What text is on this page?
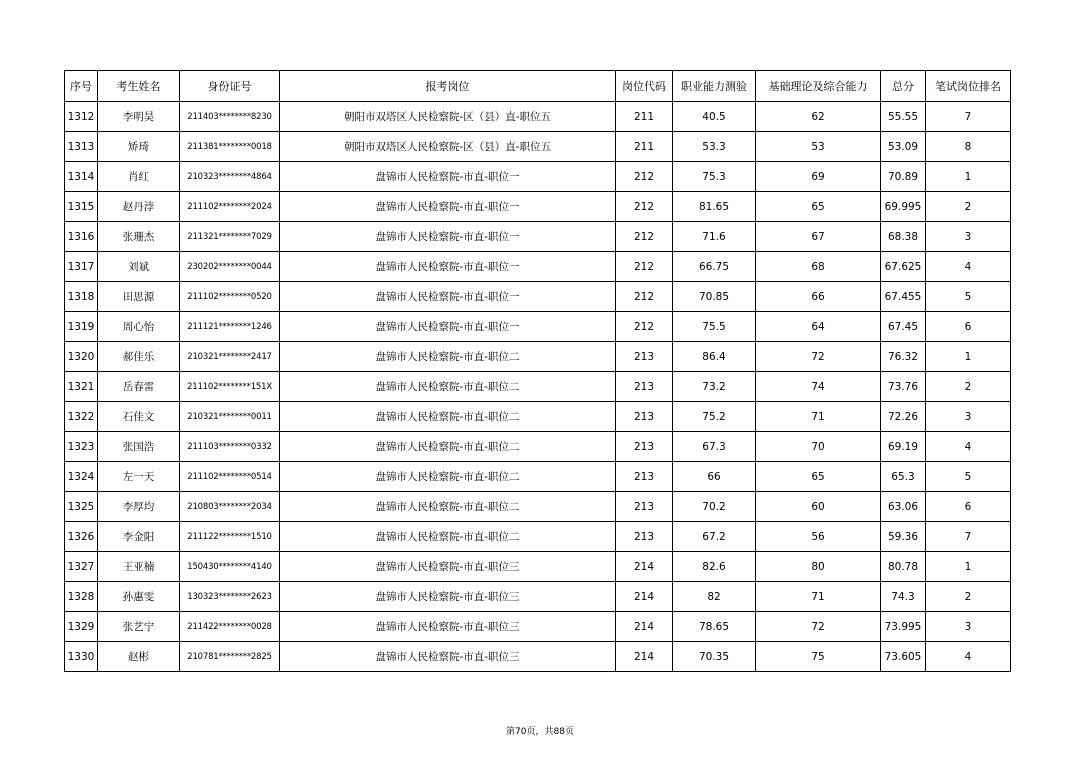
序号	考生姓名	身份证号	报考岗位	岗位代码	职业能力测验	基础理论及综合能力	总分	笔试岗位排名
1312	李明昊	211403********8230	朝阳市双塔区人民检察院-区（县）直-职位五	211	40.5	62	55.55	7
1313	矫琦	211381********0018	朝阳市双塔区人民检察院-区（县）直-职位五	211	53.3	53	53.09	8
1314	肖红	210323********4864	盘锦市人民检察院-市直-职位一	212	75.3	69	70.89	1
1315	赵丹浡	211102********2024	盘锦市人民检察院-市直-职位一	212	81.65	65	69.995	2
1316	张珊杰	211321********7029	盘锦市人民检察院-市直-职位一	212	71.6	67	68.38	3
1317	刘斌	230202********0044	盘锦市人民检察院-市直-职位一	212	66.75	68	67.625	4
1318	田思源	211102********0520	盘锦市人民检察院-市直-职位一	212	70.85	66	67.455	5
1319	周心怡	211121********1246	盘锦市人民检察院-市直-职位一	212	75.5	64	67.45	6
1320	郝佳乐	210321********2417	盘锦市人民检察院-市直-职位二	213	86.4	72	76.32	1
1321	岳春雷	211102********151X	盘锦市人民检察院-市直-职位二	213	73.2	74	73.76	2
1322	石佳文	210321********0011	盘锦市人民检察院-市直-职位二	213	75.2	71	72.26	3
1323	张国浩	211103********0332	盘锦市人民检察院-市直-职位二	213	67.3	70	69.19	4
1324	左一天	211102********0514	盘锦市人民检察院-市直-职位二	213	66	65	65.3	5
1325	李厚均	210803********2034	盘锦市人民检察院-市直-职位二	213	70.2	60	63.06	6
1326	李金阳	211122********1510	盘锦市人民检察院-市直-职位二	213	67.2	56	59.36	7
1327	王亚楠	150430********4140	盘锦市人民检察院-市直-职位三	214	82.6	80	80.78	1
1328	孙惠雯	130323********2623	盘锦市人民检察院-市直-职位三	214	82	71	74.3	2
1329	张艺宁	211422********0028	盘锦市人民检察院-市直-职位三	214	78.65	72	73.995	3
1330	赵彬	210781********2825	盘锦市人民检察院-市直-职位三	214	70.35	75	73.605	4
第70页，共88页
